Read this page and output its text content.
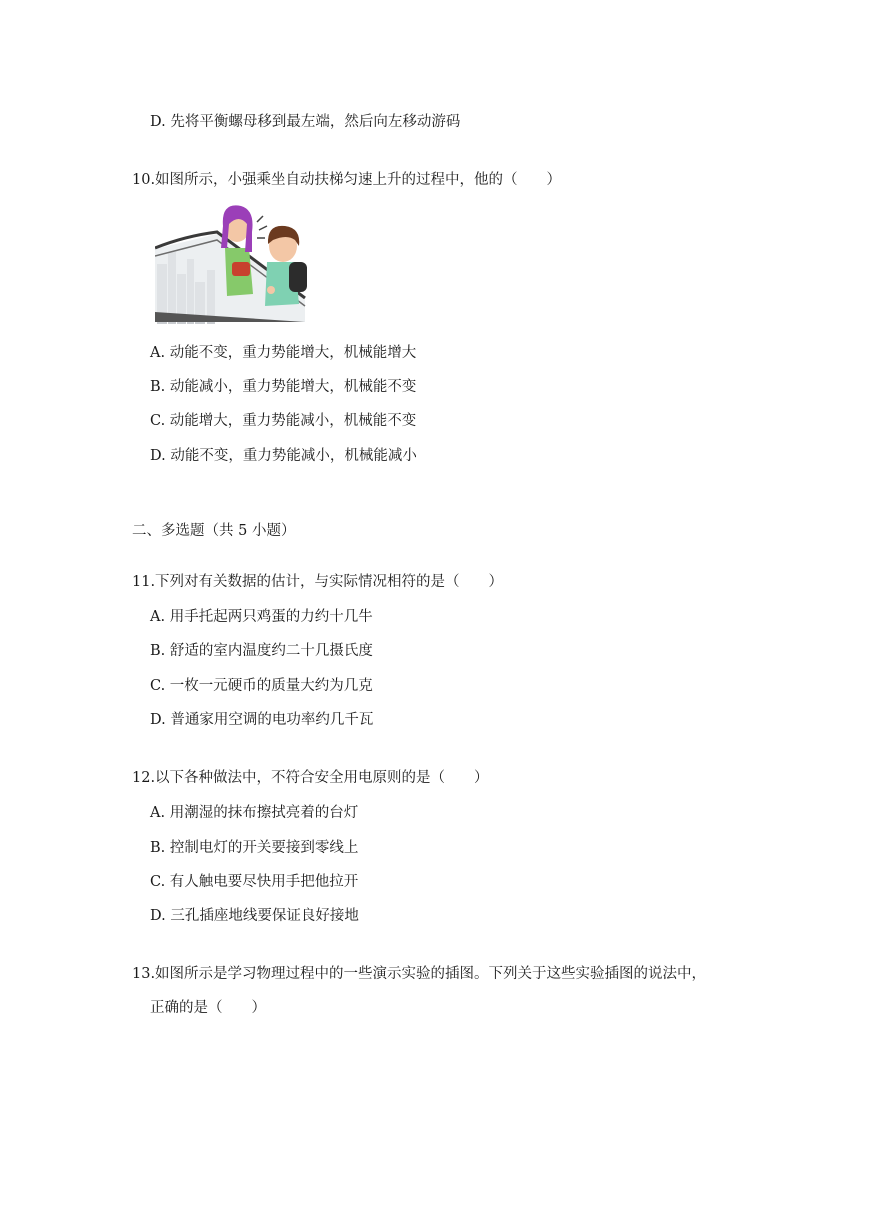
D. 先将平衡螺母移到最左端，然后向左移动游码
10.如图所示，小强乘坐自动扶梯匀速上升的过程中，他的（　　）
A. 动能不变，重力势能增大，机械能增大
B. 动能减小，重力势能增大，机械能不变
C. 动能增大，重力势能减小，机械能不变
D. 动能不变，重力势能减小，机械能减小
二、多选题（共 5 小题）
11.下列对有关数据的估计，与实际情况相符的是（　　）
A. 用手托起两只鸡蛋的力约十几牛
B. 舒适的室内温度约二十几摄氏度
C. 一枚一元硬币的质量大约为几克
D. 普通家用空调的电功率约几千瓦
12.以下各种做法中，不符合安全用电原则的是（　　）
A. 用潮湿的抹布擦拭亮着的台灯
B. 控制电灯的开关要接到零线上
C. 有人触电要尽快用手把他拉开
D. 三孔插座地线要保证良好接地
13.如图所示是学习物理过程中的一些演示实验的插图。下列关于这些实验插图的说法中，
正确的是（　　）
